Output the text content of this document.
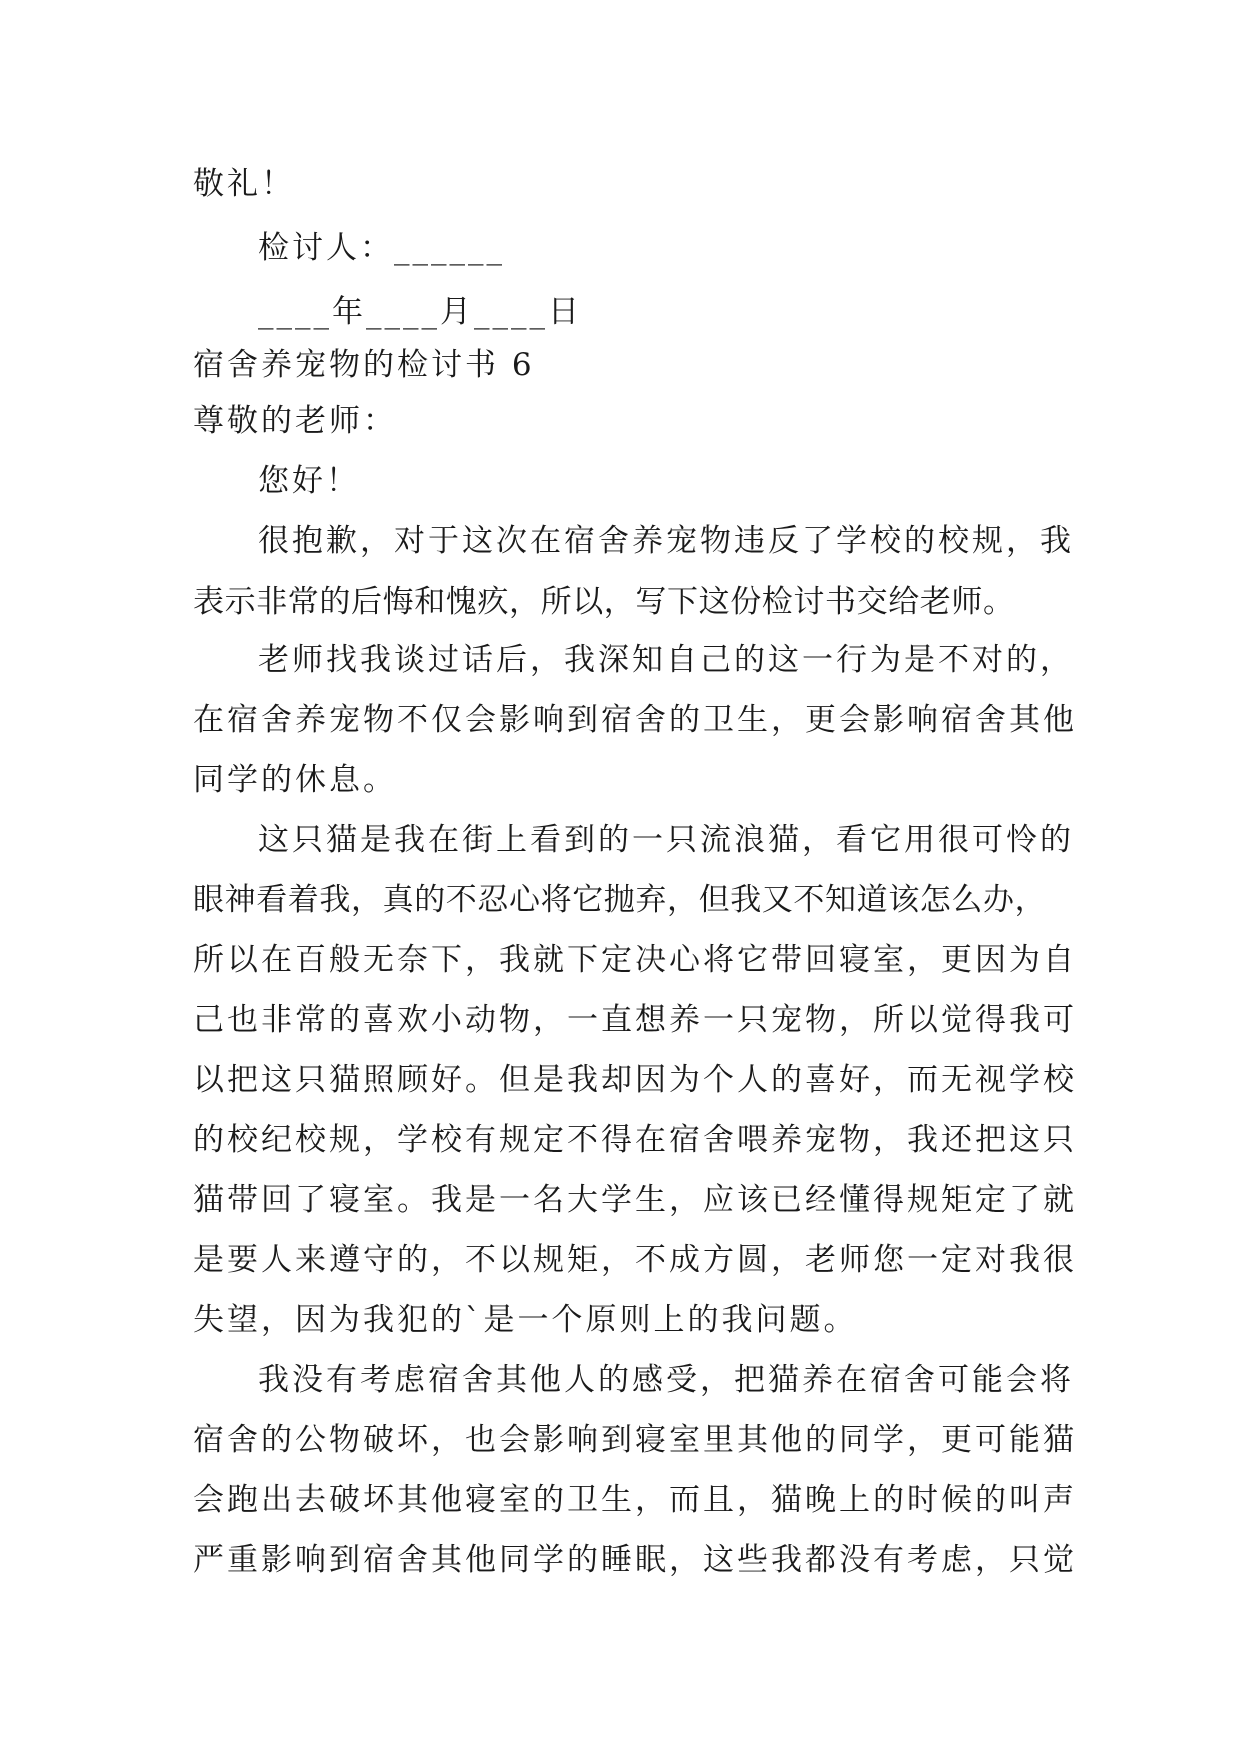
敬礼！
检讨人：______
____年____月____日
宿舍养宠物的检讨书 6
尊敬的老师：
您好！
很抱歉，对于这次在宿舍养宠物违反了学校的校规，我
表示非常的后悔和愧疚，所以，写下这份检讨书交给老师。
老师找我谈过话后，我深知自己的这一行为是不对的，
在宿舍养宠物不仅会影响到宿舍的卫生，更会影响宿舍其他
同学的休息。
这只猫是我在街上看到的一只流浪猫，看它用很可怜的
眼神看着我，真的不忍心将它抛弃，但我又不知道该怎么办，
所以在百般无奈下，我就下定决心将它带回寝室，更因为自
己也非常的喜欢小动物，一直想养一只宠物，所以觉得我可
以把这只猫照顾好。但是我却因为个人的喜好，而无视学校
的校纪校规，学校有规定不得在宿舍喂养宠物，我还把这只
猫带回了寝室。我是一名大学生，应该已经懂得规矩定了就
是要人来遵守的，不以规矩，不成方圆，老师您一定对我很
失望，因为我犯的`是一个原则上的我问题。
我没有考虑宿舍其他人的感受，把猫养在宿舍可能会将
宿舍的公物破坏，也会影响到寝室里其他的同学，更可能猫
会跑出去破坏其他寝室的卫生，而且，猫晚上的时候的叫声
严重影响到宿舍其他同学的睡眠，这些我都没有考虑，只觉
